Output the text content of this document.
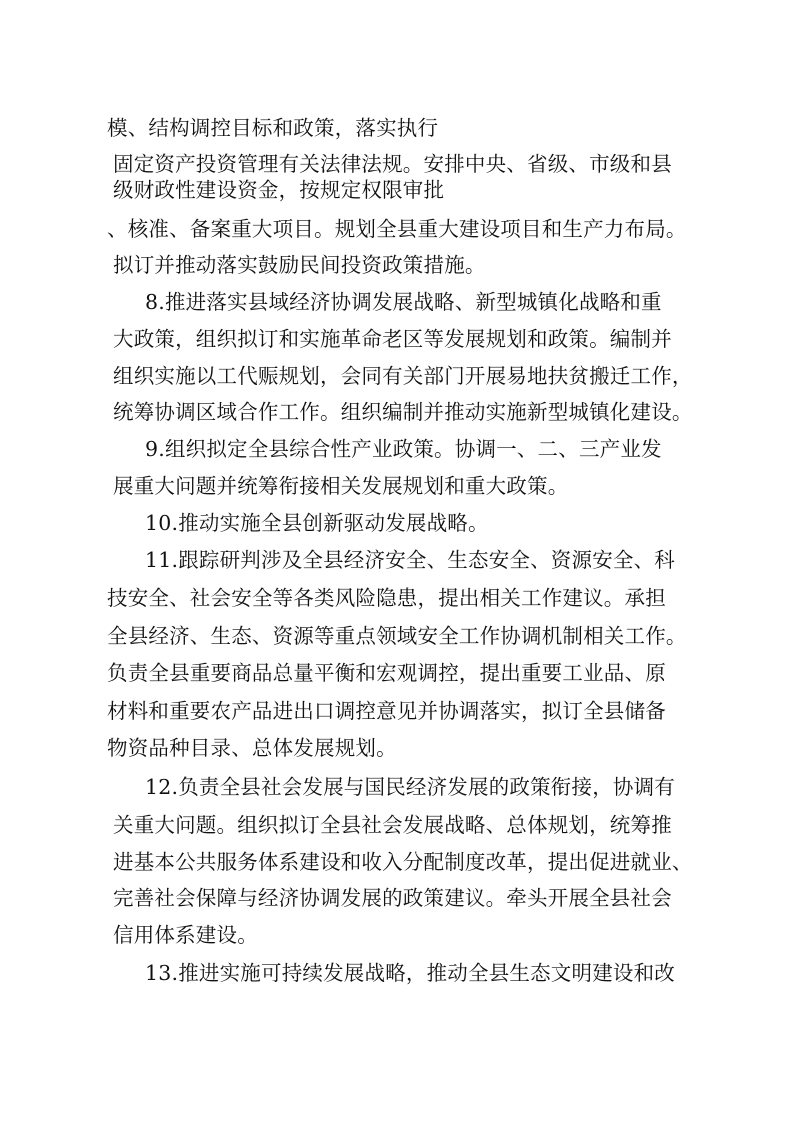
模、结构调控目标和政策，落实执行

固定资产投资管理有关法律法规。安排中央、省级、市级和县

级财政性建设资金，按规定权限审批

、核准、备案重大项目。规划全县重大建设项目和生产力布局。

拟订并推动落实鼓励民间投资政策措施。

8.推进落实县域经济协调发展战略、新型城镇化战略和重

大政策，组织拟订和实施革命老区等发展规划和政策。编制并

组织实施以工代赈规划，会同有关部门开展易地扶贫搬迁工作，

统筹协调区域合作工作。组织编制并推动实施新型城镇化建设。

9.组织拟定全县综合性产业政策。协调一、二、三产业发

展重大问题并统筹衔接相关发展规划和重大政策。

10.推动实施全县创新驱动发展战略。

11.跟踪研判涉及全县经济安全、生态安全、资源安全、科

技安全、社会安全等各类风险隐患，提出相关工作建议。承担

全县经济、生态、资源等重点领域安全工作协调机制相关工作。

负责全县重要商品总量平衡和宏观调控，提出重要工业品、原

材料和重要农产品进出口调控意见并协调落实，拟订全县储备

物资品种目录、总体发展规划。

12.负责全县社会发展与国民经济发展的政策衔接，协调有

关重大问题。组织拟订全县社会发展战略、总体规划，统筹推

进基本公共服务体系建设和收入分配制度改革，提出促进就业、

完善社会保障与经济协调发展的政策建议。牵头开展全县社会

信用体系建设。

13.推进实施可持续发展战略，推动全县生态文明建设和改
